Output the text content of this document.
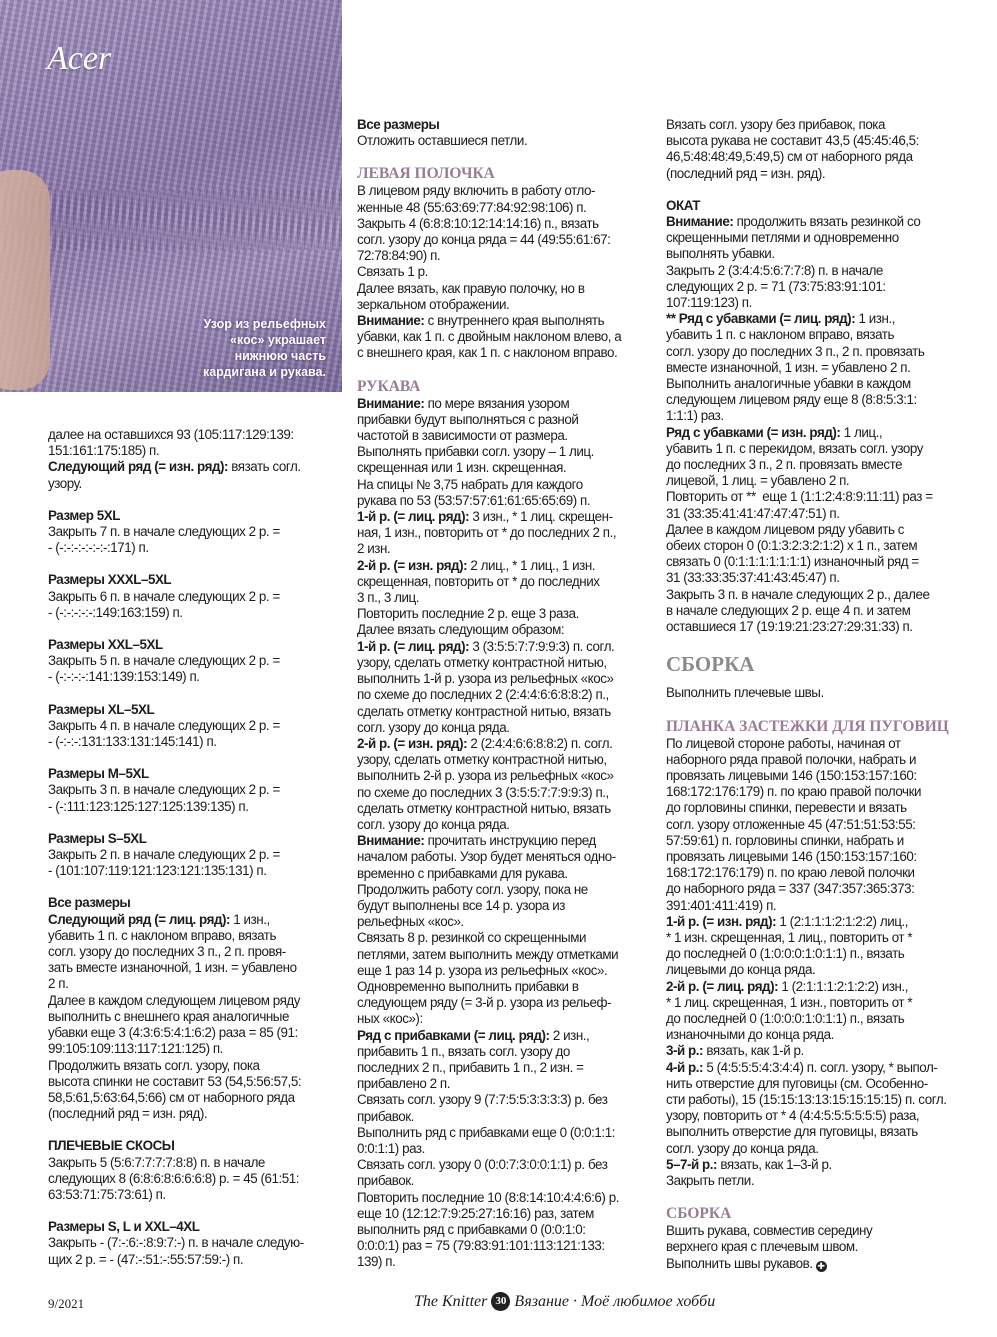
Acer
Узор из рельефных
«кос» украшает
нижнюю часть
кардигана и рукава.
далее на оставшихся 93 (105:117:129:139:
151:161:175:185) п.
Следующий ряд (= изн. ряд): вязать согл.
узору.
Размер 5XL
Закрыть 7 п. в начале следующих 2 р. =
- (-:-:-:-:-:-:-:171) п.
Размеры XXXL–5XL
Закрыть 6 п. в начале следующих 2 р. =
- (-:-:-:-:-:149:163:159) п.
Размеры XXL–5XL
Закрыть 5 п. в начале следующих 2 р. =
- (-:-:-:-:141:139:153:149) п.
Размеры XL–5XL
Закрыть 4 п. в начале следующих 2 р. =
- (-:-:-:131:133:131:145:141) п.
Размеры M–5XL
Закрыть 3 п. в начале следующих 2 р. =
- (-:111:123:125:127:125:139:135) п.
Размеры S–5XL
Закрыть 2 п. в начале следующих 2 р. =
- (101:107:119:121:123:121:135:131) п.
Все размеры
Следующий ряд (= лиц. ряд): 1 изн.,
убавить 1 п. с наклоном вправо, вязать
согл. узору до последних 3 п., 2 п. провя-
зать вместе изнаночной, 1 изн. = убавлено
2 п.
Далее в каждом следующем лицевом ряду
выполнить с внешнего края аналогичные
убавки еще 3 (4:3:6:5:4:1:6:2) раза = 85 (91:
99:105:109:113:117:121:125) п.
Продолжить вязать согл. узору, пока
высота спинки не составит 53 (54,5:56:57,5:
58,5:61,5:63:64,5:66) см от наборного ряда
(последний ряд = изн. ряд).
ПЛЕЧЕВЫЕ СКОСЫ
Закрыть 5 (5:6:7:7:7:7:8:8) п. в начале
следующих 8 (6:8:6:8:6:6:6:8) р. = 45 (61:51:
63:53:71:75:73:61) п.
Размеры S, L и XXL–4XL
Закрыть - (7:-:6:-:8:9:7:-) п. в начале следую-
щих 2 р. = - (47:-:51:-:55:57:59:-) п.
Все размеры
Отложить оставшиеся петли.
ЛЕВАЯ ПОЛОЧКА
В лицевом ряду включить в работу отло-
женные 48 (55:63:69:77:84:92:98:106) п.
Закрыть 4 (6:8:8:10:12:14:14:16) п., вязать
согл. узору до конца ряда = 44 (49:55:61:67:
72:78:84:90) п.
Связать 1 р.
Далее вязать, как правую полочку, но в
зеркальном отображении.
Внимание: с внутреннего края выполнять
убавки, как 1 п. с двойным наклоном влево, а
с внешнего края, как 1 п. с наклоном вправо.
РУКАВА
Внимание: по мере вязания узором
прибавки будут выполняться с разной
частотой в зависимости от размера.
Выполнять прибавки согл. узору – 1 лиц.
скрещенная или 1 изн. скрещенная.
На спицы № 3,75 набрать для каждого
рукава по 53 (53:57:57:61:61:65:65:69) п.
1-й р. (= лиц. ряд): 3 изн., * 1 лиц. скрещен-
ная, 1 изн., повторить от * до последних 2 п.,
2 изн.
2-й р. (= изн. ряд): 2 лиц., * 1 лиц., 1 изн.
скрещенная, повторить от * до последних
3 п., 3 лиц.
Повторить последние 2 р. еще 3 раза.
Далее вязать следующим образом:
1-й р. (= лиц. ряд): 3 (3:5:5:7:7:9:9:3) п. согл.
узору, сделать отметку контрастной нитью,
выполнить 1-й р. узора из рельефных «кос»
по схеме до последних 2 (2:4:4:6:6:8:8:2) п.,
сделать отметку контрастной нитью, вязать
согл. узору до конца ряда.
2-й р. (= изн. ряд): 2 (2:4:4:6:6:8:8:2) п. согл.
узору, сделать отметку контрастной нитью,
выполнить 2-й р. узора из рельефных «кос»
по схеме до последних 3 (3:5:5:7:7:9:9:3) п.,
сделать отметку контрастной нитью, вязать
согл. узору до конца ряда.
Внимание: прочитать инструкцию перед
началом работы. Узор будет меняться одно-
временно с прибавками для рукава.
Продолжить работу согл. узору, пока не
будут выполнены все 14 р. узора из
рельефных «кос».
Связать 8 р. резинкой со скрещенными
петлями, затем выполнить между отметками
еще 1 раз 14 р. узора из рельефных «кос».
Одновременно выполнить прибавки в
следующем ряду (= 3-й р. узора из рельеф-
ных «кос»):
Ряд с прибавками (= лиц. ряд): 2 изн.,
прибавить 1 п., вязать согл. узору до
последних 2 п., прибавить 1 п., 2 изн. =
прибавлено 2 п.
Связать согл. узору 9 (7:7:5:5:3:3:3:3) р. без
прибавок.
Выполнить ряд с прибавками еще 0 (0:0:1:1:
0:0:1:1) раз.
Связать согл. узору 0 (0:0:7:3:0:0:1:1) р. без
прибавок.
Повторить последние 10 (8:8:14:10:4:4:6:6) р.
еще 10 (12:12:7:9:25:27:16:16) раз, затем
выполнить ряд с прибавками 0 (0:0:1:0:
0:0:0:1) раз = 75 (79:83:91:101:113:121:133:
139) п.
Вязать согл. узору без прибавок, пока
высота рукава не составит 43,5 (45:45:46,5:
46,5:48:48:49,5:49,5) см от наборного ряда
(последний ряд = изн. ряд).
ОКАТ
Внимание: продолжить вязать резинкой со
скрещенными петлями и одновременно
выполнять убавки.
Закрыть 2 (3:4:4:5:6:7:7:8) п. в начале
следующих 2 р. = 71 (73:75:83:91:101:
107:119:123) п.
** Ряд с убавками (= лиц. ряд): 1 изн.,
убавить 1 п. с наклоном вправо, вязать
согл. узору до последних 3 п., 2 п. провязать
вместе изнаночной, 1 изн. = убавлено 2 п.
Выполнить аналогичные убавки в каждом
следующем лицевом ряду еще 8 (8:8:5:3:1:
1:1:1) раз.
Ряд с убавками (= изн. ряд): 1 лиц.,
убавить 1 п. с перекидом, вязать согл. узору
до последних 3 п., 2 п. провязать вместе
лицевой, 1 лиц. = убавлено 2 п.
Повторить от **  еще 1 (1:1:2:4:8:9:11:11) раз =
31 (33:35:41:41:47:47:47:51) п.
Далее в каждом лицевом ряду убавить с
обеих сторон 0 (0:1:3:2:3:2:1:2) x 1 п., затем
связать 0 (0:1:1:1:1:1:1:1) изнаночный ряд =
31 (33:33:35:37:41:43:45:47) п.
Закрыть 3 п. в начале следующих 2 р., далее
в начале следующих 2 р. еще 4 п. и затем
оставшиеся 17 (19:19:21:23:27:29:31:33) п.
СБОРКА
Выполнить плечевые швы.
ПЛАНКА ЗАСТЕЖКИ ДЛЯ ПУГОВИЦ
По лицевой стороне работы, начиная от
наборного ряда правой полочки, набрать и
провязать лицевыми 146 (150:153:157:160:
168:172:176:179) п. по краю правой полочки
до горловины спинки, перевести и вязать
согл. узору отложенные 45 (47:51:51:53:55:
57:59:61) п. горловины спинки, набрать и
провязать лицевыми 146 (150:153:157:160:
168:172:176:179) п. по краю левой полочки
до наборного ряда = 337 (347:357:365:373:
391:401:411:419) п.
1-й р. (= изн. ряд): 1 (2:1:1:1:2:1:2:2) лиц.,
* 1 изн. скрещенная, 1 лиц., повторить от *
до последней 0 (1:0:0:0:1:0:1:1) п., вязать
лицевыми до конца ряда.
2-й р. (= лиц. ряд): 1 (2:1:1:1:2:1:2:2) изн.,
* 1 лиц. скрещенная, 1 изн., повторить от *
до последней 0 (1:0:0:0:1:0:1:1) п., вязать
изнаночными до конца ряда.
3-й р.: вязать, как 1-й р.
4-й р.: 5 (4:5:5:5:4:3:4:4) п. согл. узору, * выпол-
нить отверстие для пуговицы (см. Особенно-
сти работы), 15 (15:15:13:13:15:15:15:15) п. согл.
узору, повторить от * 4 (4:4:5:5:5:5:5:5) раза,
выполнить отверстие для пуговицы, вязать
согл. узору до конца ряда.
5–7-й р.: вязать, как 1–3-й р.
Закрыть петли.
СБОРКА
Вшить рукава, совместив середину
верхнего края с плечевым швом.
Выполнить швы рукавов. ✚
9/2021	The Knitter 30 Вязание · Моё любимое хобби
